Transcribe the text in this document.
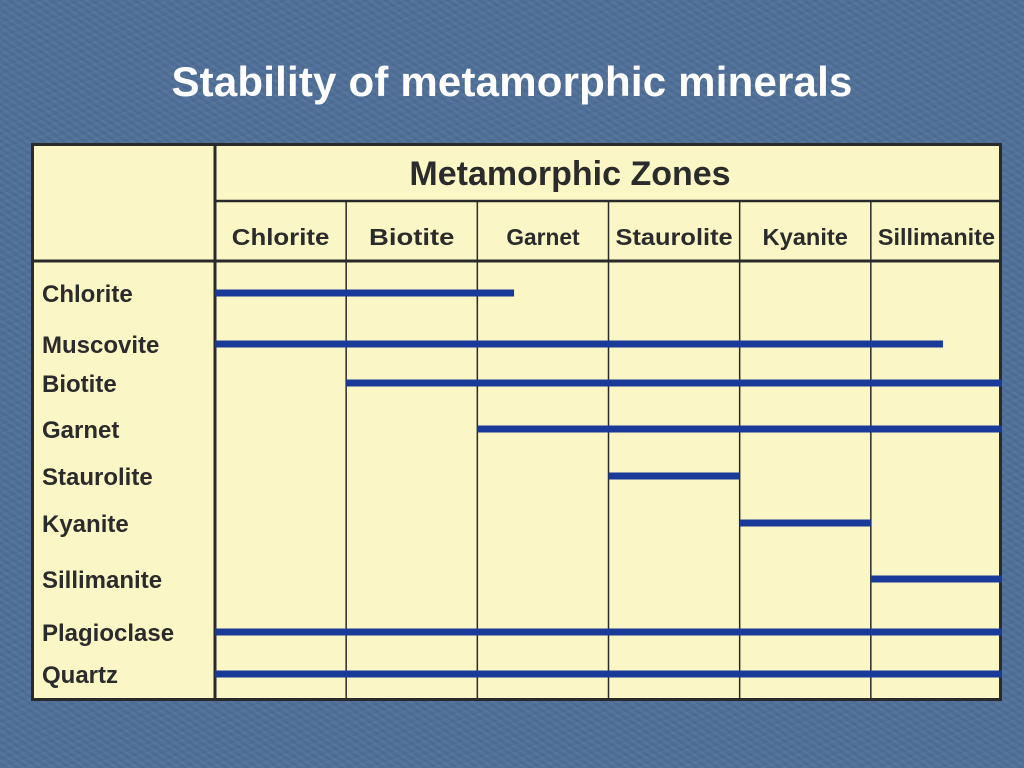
Stability of metamorphic minerals
Metamorphic Zones
Chlorite Biotite Garnet Staurolite Kyanite Sillimanite
Chlorite
Muscovite
Biotite
Garnet
Staurolite
Kyanite
Sillimanite
Plagioclase
Quartz
